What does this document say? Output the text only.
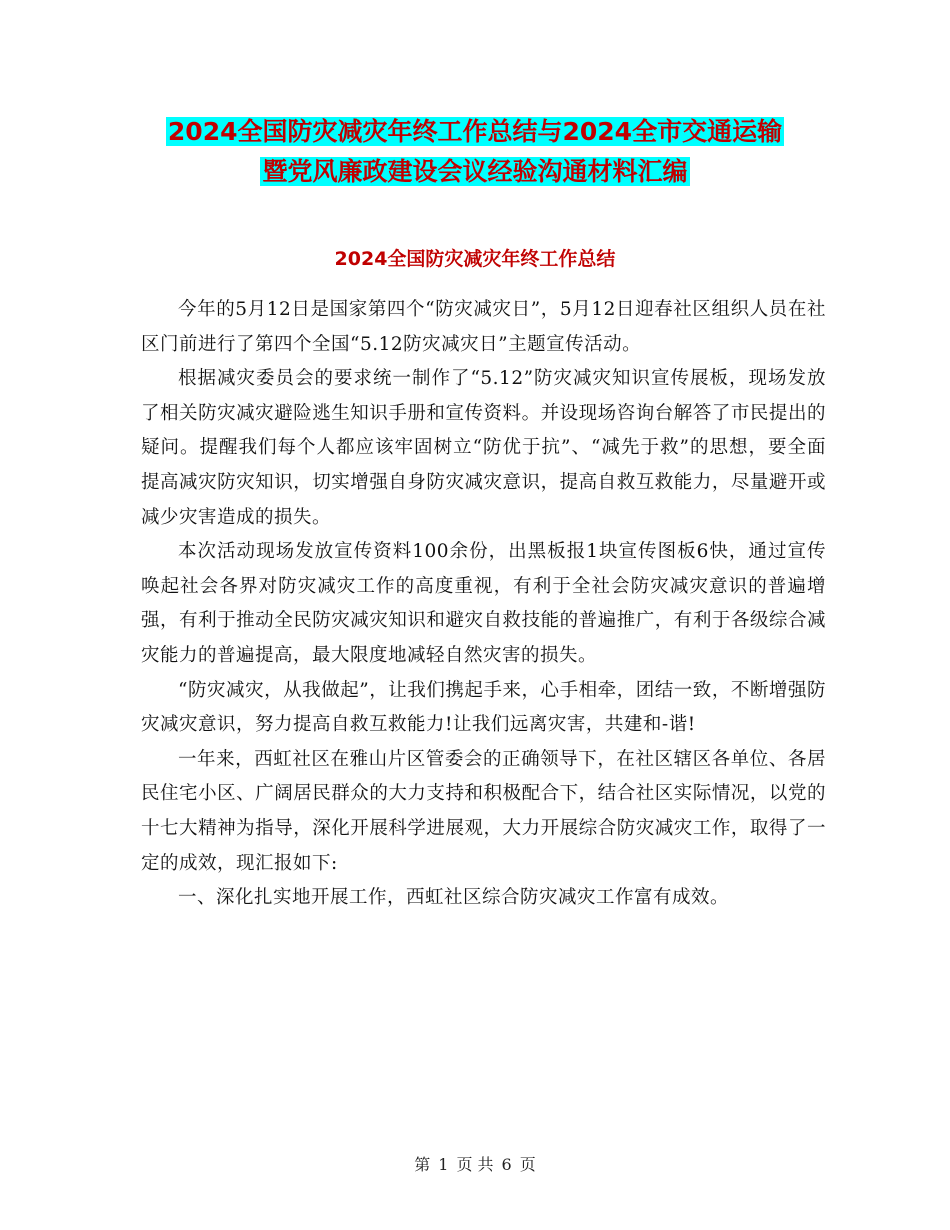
2024全国防灾减灾年终工作总结与2024全市交通运输
暨党风廉政建设会议经验沟通材料汇编
2024全国防灾减灾年终工作总结

今年的5月12日是国家第四个“防灾减灾日”，5月12日迎春社区组织人员在社区门前进行了第四个全国“5.12防灾减灾日”主题宣传活动。

根据减灾委员会的要求统一制作了“5.12”防灾减灾知识宣传展板，现场发放了相关防灾减灾避险逃生知识手册和宣传资料。并设现场咨询台解答了市民提出的疑问。提醒我们每个人都应该牢固树立“防优于抗”、“减先于救”的思想，要全面提高减灾防灾知识，切实增强自身防灾减灾意识，提高自救互救能力，尽量避开或减少灾害造成的损失。

本次活动现场发放宣传资料100余份，出黑板报1块宣传图板6快，通过宣传唤起社会各界对防灾减灾工作的高度重视，有利于全社会防灾减灾意识的普遍增强，有利于推动全民防灾减灾知识和避灾自救技能的普遍推广，有利于各级综合减灾能力的普遍提高，最大限度地减轻自然灾害的损失。

“防灾减灾，从我做起”，让我们携起手来，心手相牵，团结一致，不断增强防灾减灾意识，努力提高自救互救能力!让我们远离灾害，共建和-谐!

一年来，西虹社区在雅山片区管委会的正确领导下，在社区辖区各单位、各居民住宅小区、广阔居民群众的大力支持和积极配合下，结合社区实际情况，以党的十七大精神为指导，深化开展科学进展观，大力开展综合防灾减灾工作，取得了一定的成效，现汇报如下:

一、深化扎实地开展工作，西虹社区综合防灾减灾工作富有成效。

第 1 页 共 6 页
